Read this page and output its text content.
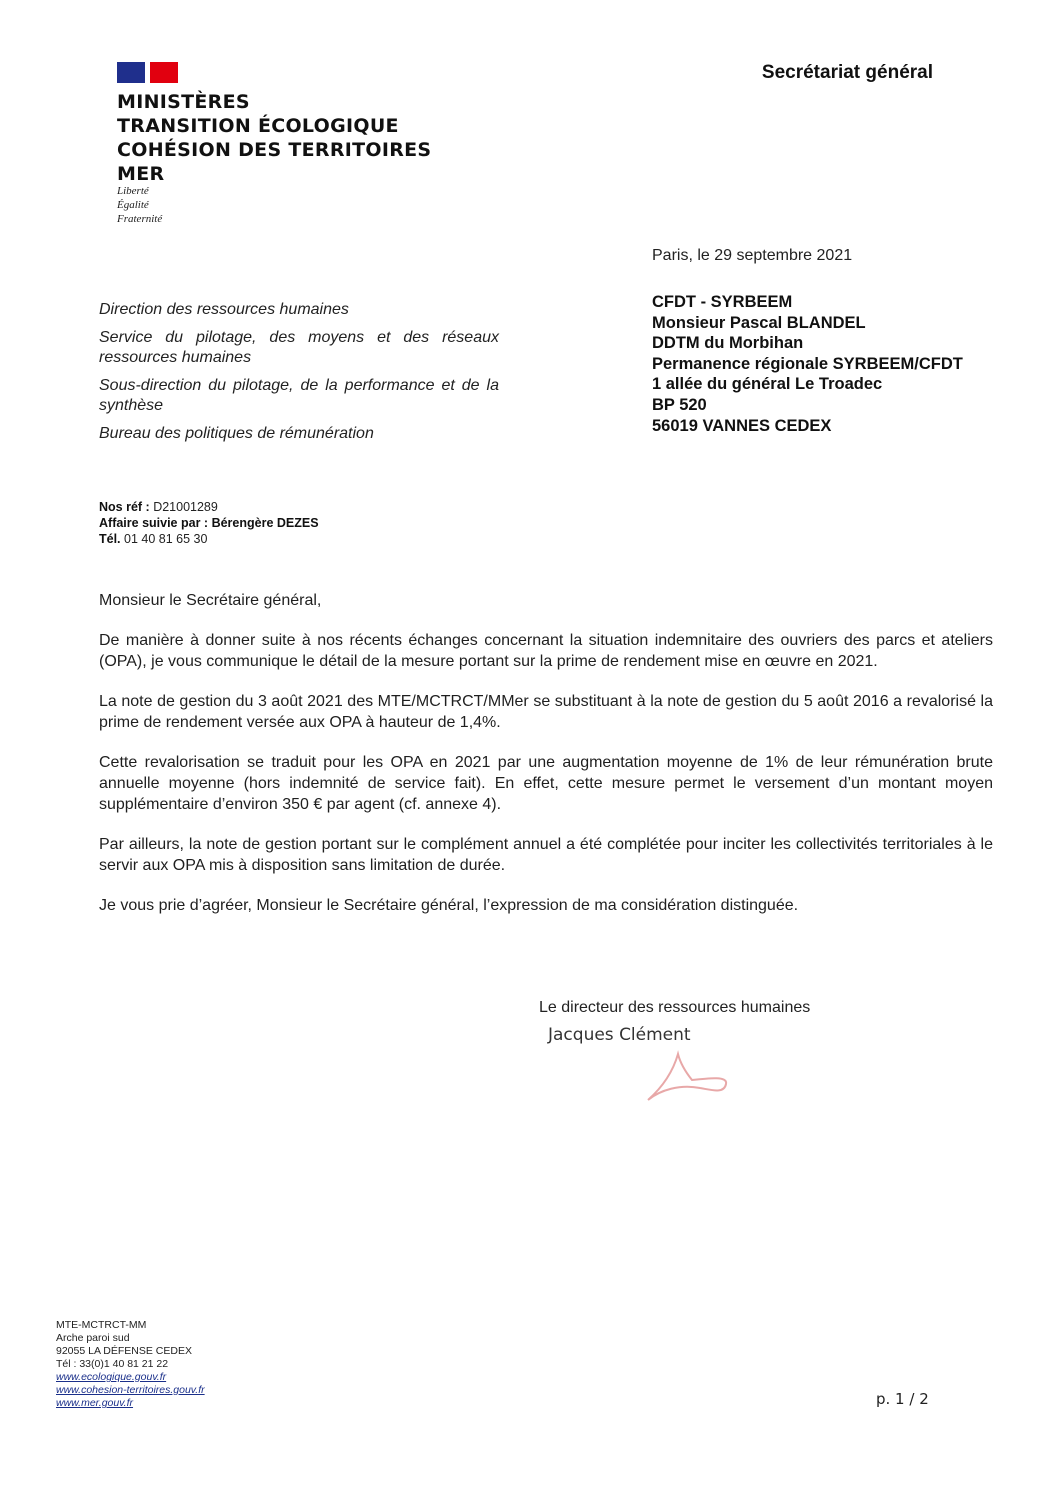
MINISTÈRES
TRANSITION ÉCOLOGIQUE
COHÉSION DES TERRITOIRES
MER
Liberté
Égalité
Fraternité
Secrétariat général
Paris, le 29 septembre 2021
CFDT - SYRBEEM
Monsieur Pascal BLANDEL
DDTM du Morbihan
Permanence régionale SYRBEEM/CFDT
1 allée du général Le Troadec
BP 520
56019 VANNES CEDEX

Direction des ressources humaines

Service du pilotage, des moyens et des réseaux ressources humaines

Sous-direction du pilotage, de la performance et de la synthèse

Bureau des politiques de rémunération

Nos réf : D21001289
Affaire suivie par : Bérengère DEZES
Tél. 01 40 81 65 30

Monsieur le Secrétaire général,

De manière à donner suite à nos récents échanges concernant la situation indemnitaire des ouvriers des parcs et ateliers (OPA), je vous communique le détail de la mesure portant sur la prime de rendement mise en œuvre en 2021.

La note de gestion du 3 août 2021 des MTE/MCTRCT/MMer se substituant à la note de gestion du 5 août 2016 a revalorisé la prime de rendement versée aux OPA à hauteur de 1,4%.

Cette revalorisation se traduit pour les OPA en 2021 par une augmentation moyenne de 1% de leur rémunération brute annuelle moyenne (hors indemnité de service fait). En effet, cette mesure permet le versement d’un montant moyen supplémentaire d’environ 350 € par agent (cf. annexe 4).

Par ailleurs, la note de gestion portant sur le complément annuel a été complétée pour inciter les collectivités territoriales à le servir aux OPA mis à disposition sans limitation de durée.

Je vous prie d’agréer, Monsieur le Secrétaire général, l’expression de ma considération distinguée.

Le directeur des ressources humaines
Jacques Clément
MTE-MCTRCT-MM
Arche paroi sud
92055 LA DÉFENSE CEDEX
Tél : 33(0)1 40 81 21 22
www.ecologique.gouv.fr
www.cohesion-territoires.gouv.fr
www.mer.gouv.fr	p. 1 / 2
